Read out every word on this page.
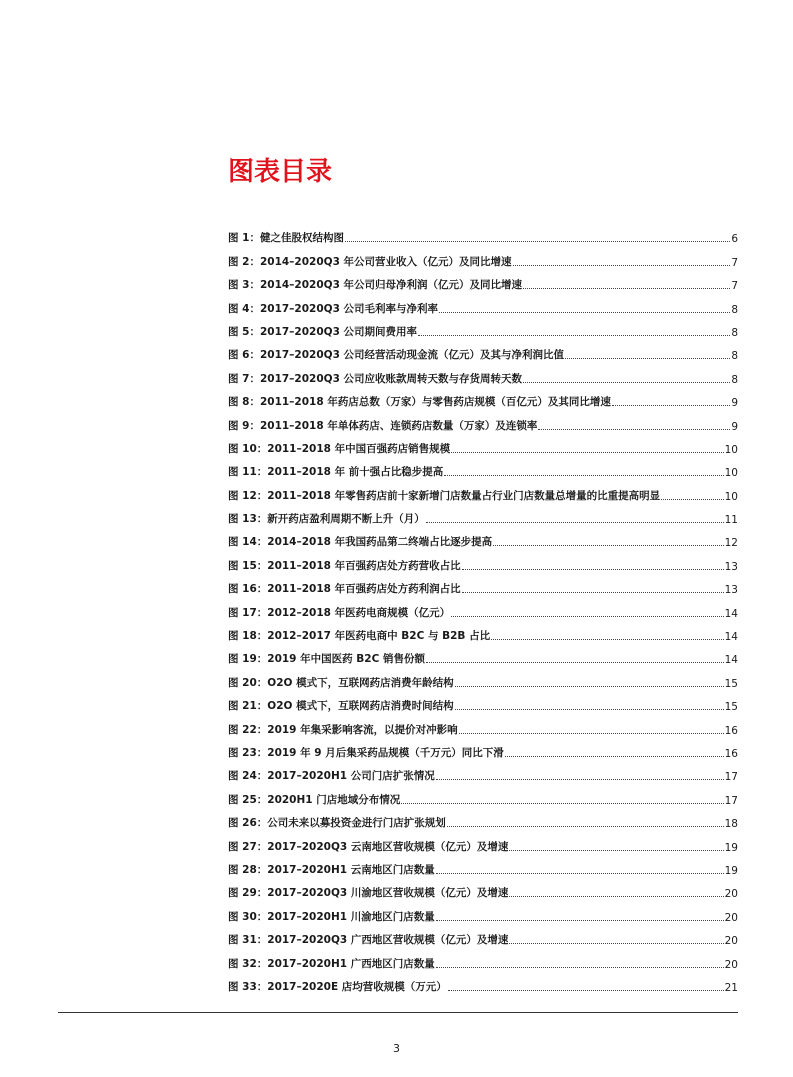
图表目录
图 1：健之佳股权结构图	6
图 2：2014–2020Q3 年公司营业收入（亿元）及同比增速	7
图 3：2014–2020Q3 年公司归母净利润（亿元）及同比增速	7
图 4：2017–2020Q3 公司毛利率与净利率	8
图 5：2017–2020Q3 公司期间费用率	8
图 6：2017–2020Q3 公司经营活动现金流（亿元）及其与净利润比值	8
图 7：2017–2020Q3 公司应收账款周转天数与存货周转天数	8
图 8：2011–2018 年药店总数（万家）与零售药店规模（百亿元）及其同比增速	9
图 9：2011–2018 年单体药店、连锁药店数量（万家）及连锁率	9
图 10：2011–2018 年中国百强药店销售规模	10
图 11：2011–2018 年 前十强占比稳步提高	10
图 12：2011–2018 年零售药店前十家新增门店数量占行业门店数量总增量的比重提高明显	10
图 13：新开药店盈利周期不断上升（月）	11
图 14：2014–2018 年我国药品第二终端占比逐步提高	12
图 15：2011–2018 年百强药店处方药营收占比	13
图 16：2011–2018 年百强药店处方药利润占比	13
图 17：2012–2018 年医药电商规模（亿元）	14
图 18：2012–2017 年医药电商中 B2C 与 B2B 占比	14
图 19：2019 年中国医药 B2C 销售份额	14
图 20：O2O 模式下，互联网药店消费年龄结构	15
图 21：O2O 模式下，互联网药店消费时间结构	15
图 22：2019 年集采影响客流，以提价对冲影响	16
图 23：2019 年 9 月后集采药品规模（千万元）同比下滑	16
图 24：2017–2020H1 公司门店扩张情况	17
图 25：2020H1 门店地域分布情况	17
图 26：公司未来以募投资金进行门店扩张规划	18
图 27：2017–2020Q3 云南地区营收规模（亿元）及增速	19
图 28：2017–2020H1 云南地区门店数量	19
图 29：2017–2020Q3 川渝地区营收规模（亿元）及增速	20
图 30：2017–2020H1 川渝地区门店数量	20
图 31：2017–2020Q3 广西地区营收规模（亿元）及增速	20
图 32：2017–2020H1 广西地区门店数量	20
图 33：2017–2020E 店均营收规模（万元）	21
3
